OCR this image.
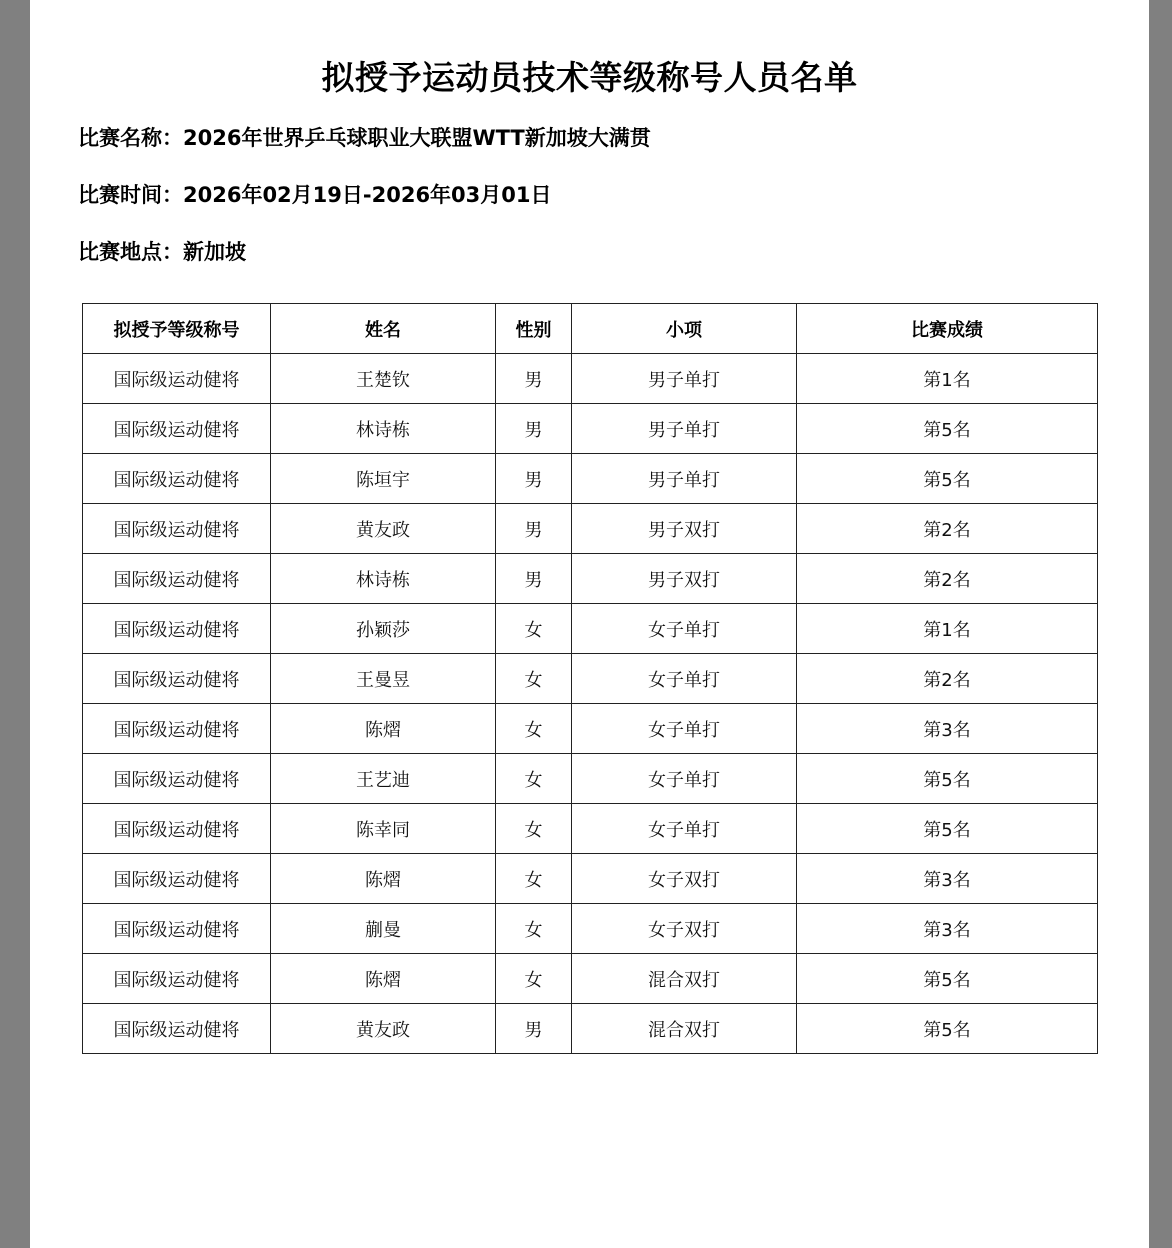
拟授予运动员技术等级称号人员名单
比赛名称：2026年世界乒乓球职业大联盟WTT新加坡大满贯
比赛时间：2026年02月19日-2026年03月01日
比赛地点：新加坡
拟授予等级称号	姓名	性别	小项	比赛成绩
国际级运动健将	王楚钦	男	男子单打	第1名
国际级运动健将	林诗栋	男	男子单打	第5名
国际级运动健将	陈垣宇	男	男子单打	第5名
国际级运动健将	黄友政	男	男子双打	第2名
国际级运动健将	林诗栋	男	男子双打	第2名
国际级运动健将	孙颖莎	女	女子单打	第1名
国际级运动健将	王曼昱	女	女子单打	第2名
国际级运动健将	陈熠	女	女子单打	第3名
国际级运动健将	王艺迪	女	女子单打	第5名
国际级运动健将	陈幸同	女	女子单打	第5名
国际级运动健将	陈熠	女	女子双打	第3名
国际级运动健将	蒯曼	女	女子双打	第3名
国际级运动健将	陈熠	女	混合双打	第5名
国际级运动健将	黄友政	男	混合双打	第5名
